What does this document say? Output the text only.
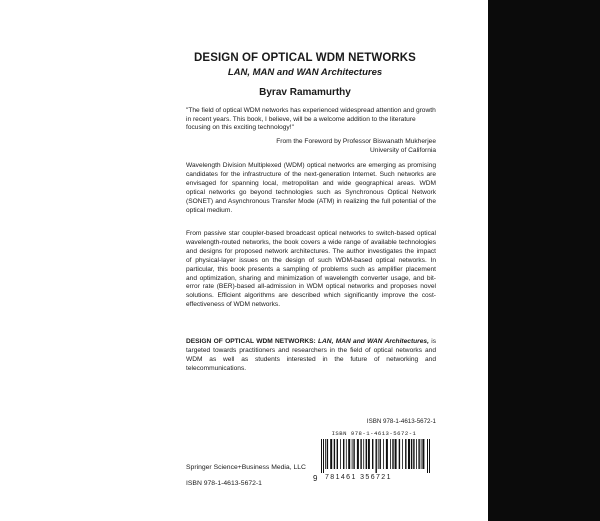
DESIGN OF OPTICAL WDM NETWORKS
LAN, MAN and WAN Architectures
Byrav Ramamurthy
"The field of optical WDM networks has experienced widespread attention and growth in recent years. This book, I believe, will be a welcome addition to the literature focusing on this exciting technology!"
From the Foreword by Professor Biswanath Mukherjee
University of California

Wavelength Division Multiplexed (WDM) optical networks are emerging as promising candidates for the infrastructure of the next-generation Internet. Such networks are envisaged for spanning local, metropolitan and wide geographical areas. WDM optical networks go beyond technologies such as Synchronous Optical Network (SONET) and Asynchronous Transfer Mode (ATM) in realizing the full potential of the optical medium.

From passive star coupler-based broadcast optical networks to switch-based optical wavelength-routed networks, the book covers a wide range of available technologies and designs for proposed network architectures. The author investigates the impact of physical-layer issues on the design of such WDM-based optical networks. In particular, this book presents a sampling of problems such as amplifier placement and optimization, sharing and minimization of wavelength converter usage, and bit-error rate (BER)-based all-admission in WDM optical networks and proposes novel solutions. Efficient algorithms are described which significantly improve the cost-effectiveness of WDM networks.

DESIGN OF OPTICAL WDM NETWORKS: LAN, MAN and WAN Architectures, is targeted towards practitioners and researchers in the field of optical networks and WDM as well as students interested in the future of networking and telecommunications.

ISBN 978-1-4613-5672-1
ISBN 978-1-4613-5672-1
9 781461 356721
Springer Science+Business Media, LLC
ISBN 978-1-4613-5672-1
